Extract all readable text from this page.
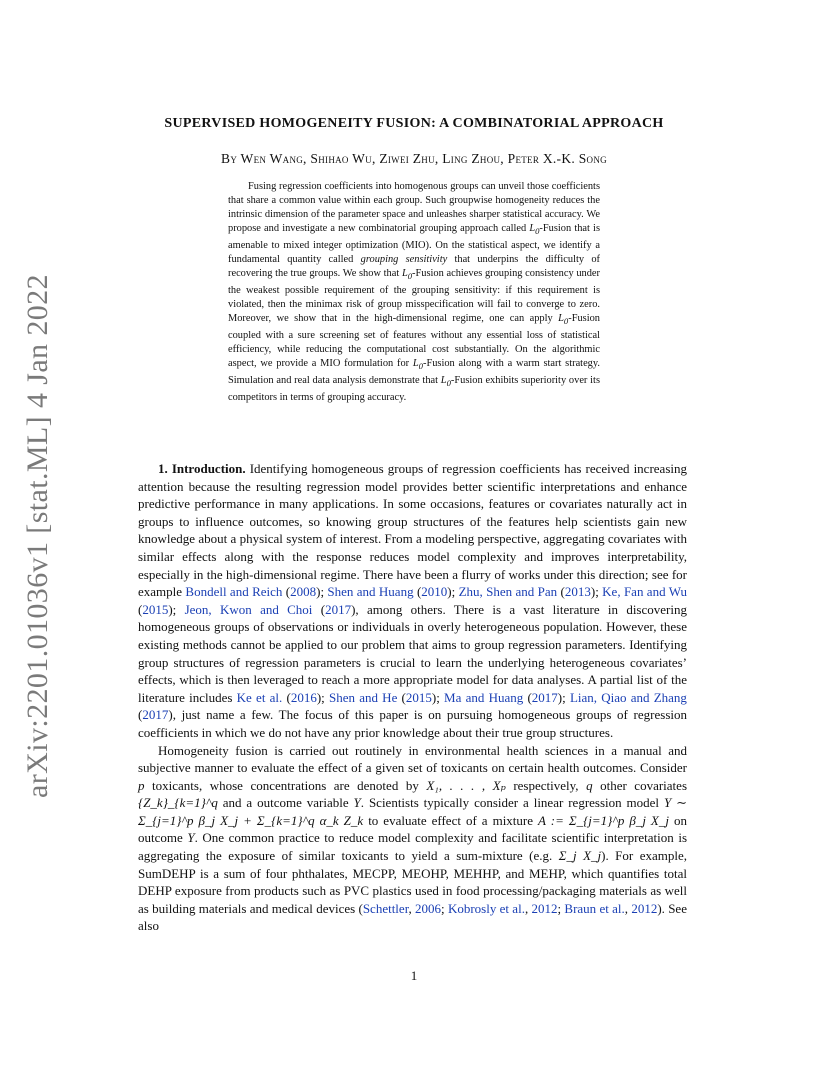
arXiv:2201.01036v1 [stat.ML] 4 Jan 2022
SUPERVISED HOMOGENEITY FUSION: A COMBINATORIAL APPROACH
By Wen Wang, Shihao Wu, Ziwei Zhu, Ling Zhou, Peter X.-K. Song

Fusing regression coefficients into homogenous groups can unveil those coefficients that share a common value within each group. Such groupwise homogeneity reduces the intrinsic dimension of the parameter space and unleashes sharper statistical accuracy. We propose and investigate a new combinatorial grouping approach called $L_0$-Fusion that is amenable to mixed integer optimization (MIO). On the statistical aspect, we identify a fundamental quantity called grouping sensitivity that underpins the difficulty of recovering the true groups. We show that $L_0$-Fusion achieves grouping consistency under the weakest possible requirement of the grouping sensitivity: if this requirement is violated, then the minimax risk of group misspecification will fail to converge to zero. Moreover, we show that in the high-dimensional regime, one can apply $L_0$-Fusion coupled with a sure screening set of features without any essential loss of statistical efficiency, while reducing the computational cost substantially. On the algorithmic aspect, we provide a MIO formulation for $L_0$-Fusion along with a warm start strategy. Simulation and real data analysis demonstrate that $L_0$-Fusion exhibits superiority over its competitors in terms of grouping accuracy.

1. Introduction. Identifying homogeneous groups of regression coefficients has received increasing attention because the resulting regression model provides better scientific interpretations and enhance predictive performance in many applications. In some occasions, features or covariates naturally act in groups to influence outcomes, so knowing group structures of the features help scientists gain new knowledge about a physical system of interest. From a modeling perspective, aggregating covariates with similar effects along with the response reduces model complexity and improves interpretability, especially in the high-dimensional regime. There have been a flurry of works under this direction; see for example Bondell and Reich (2008); Shen and Huang (2010); Zhu, Shen and Pan (2013); Ke, Fan and Wu (2015); Jeon, Kwon and Choi (2017), among others. There is a vast literature in discovering homogeneous groups of observations or individuals in overly heterogeneous population. However, these existing methods cannot be applied to our problem that aims to group regression parameters. Identifying group structures of regression parameters is crucial to learn the underlying heterogeneous covariates’ effects, which is then leveraged to reach a more appropriate model for data analyses. A partial list of the literature includes Ke et al. (2016); Shen and He (2015); Ma and Huang (2017); Lian, Qiao and Zhang (2017), just name a few. The focus of this paper is on pursuing homogeneous groups of regression coefficients in which we do not have any prior knowledge about their true group structures.

Homogeneity fusion is carried out routinely in environmental health sciences in a manual and subjective manner to evaluate the effect of a given set of toxicants on certain health outcomes. Consider p toxicants, whose concentrations are denoted by X₁, . . . , Xₚ respectively, q other covariates {Z_k}_{k=1}^q and a outcome variable Y. Scientists typically consider a linear regression model Y ∼ Σ_{j=1}^p β_j X_j + Σ_{k=1}^q α_k Z_k to evaluate effect of a mixture A := Σ_{j=1}^p β_j X_j on outcome Y. One common practice to reduce model complexity and facilitate scientific interpretation is aggregating the exposure of similar toxicants to yield a sum-mixture (e.g. Σ_j X_j). For example, SumDEHP is a sum of four phthalates, MECPP, MEOHP, MEHHP, and MEHP, which quantifies total DEHP exposure from products such as PVC plastics used in food processing/packaging materials as well as building materials and medical devices (Schettler, 2006; Kobrosly et al., 2012; Braun et al., 2012). See also

1
